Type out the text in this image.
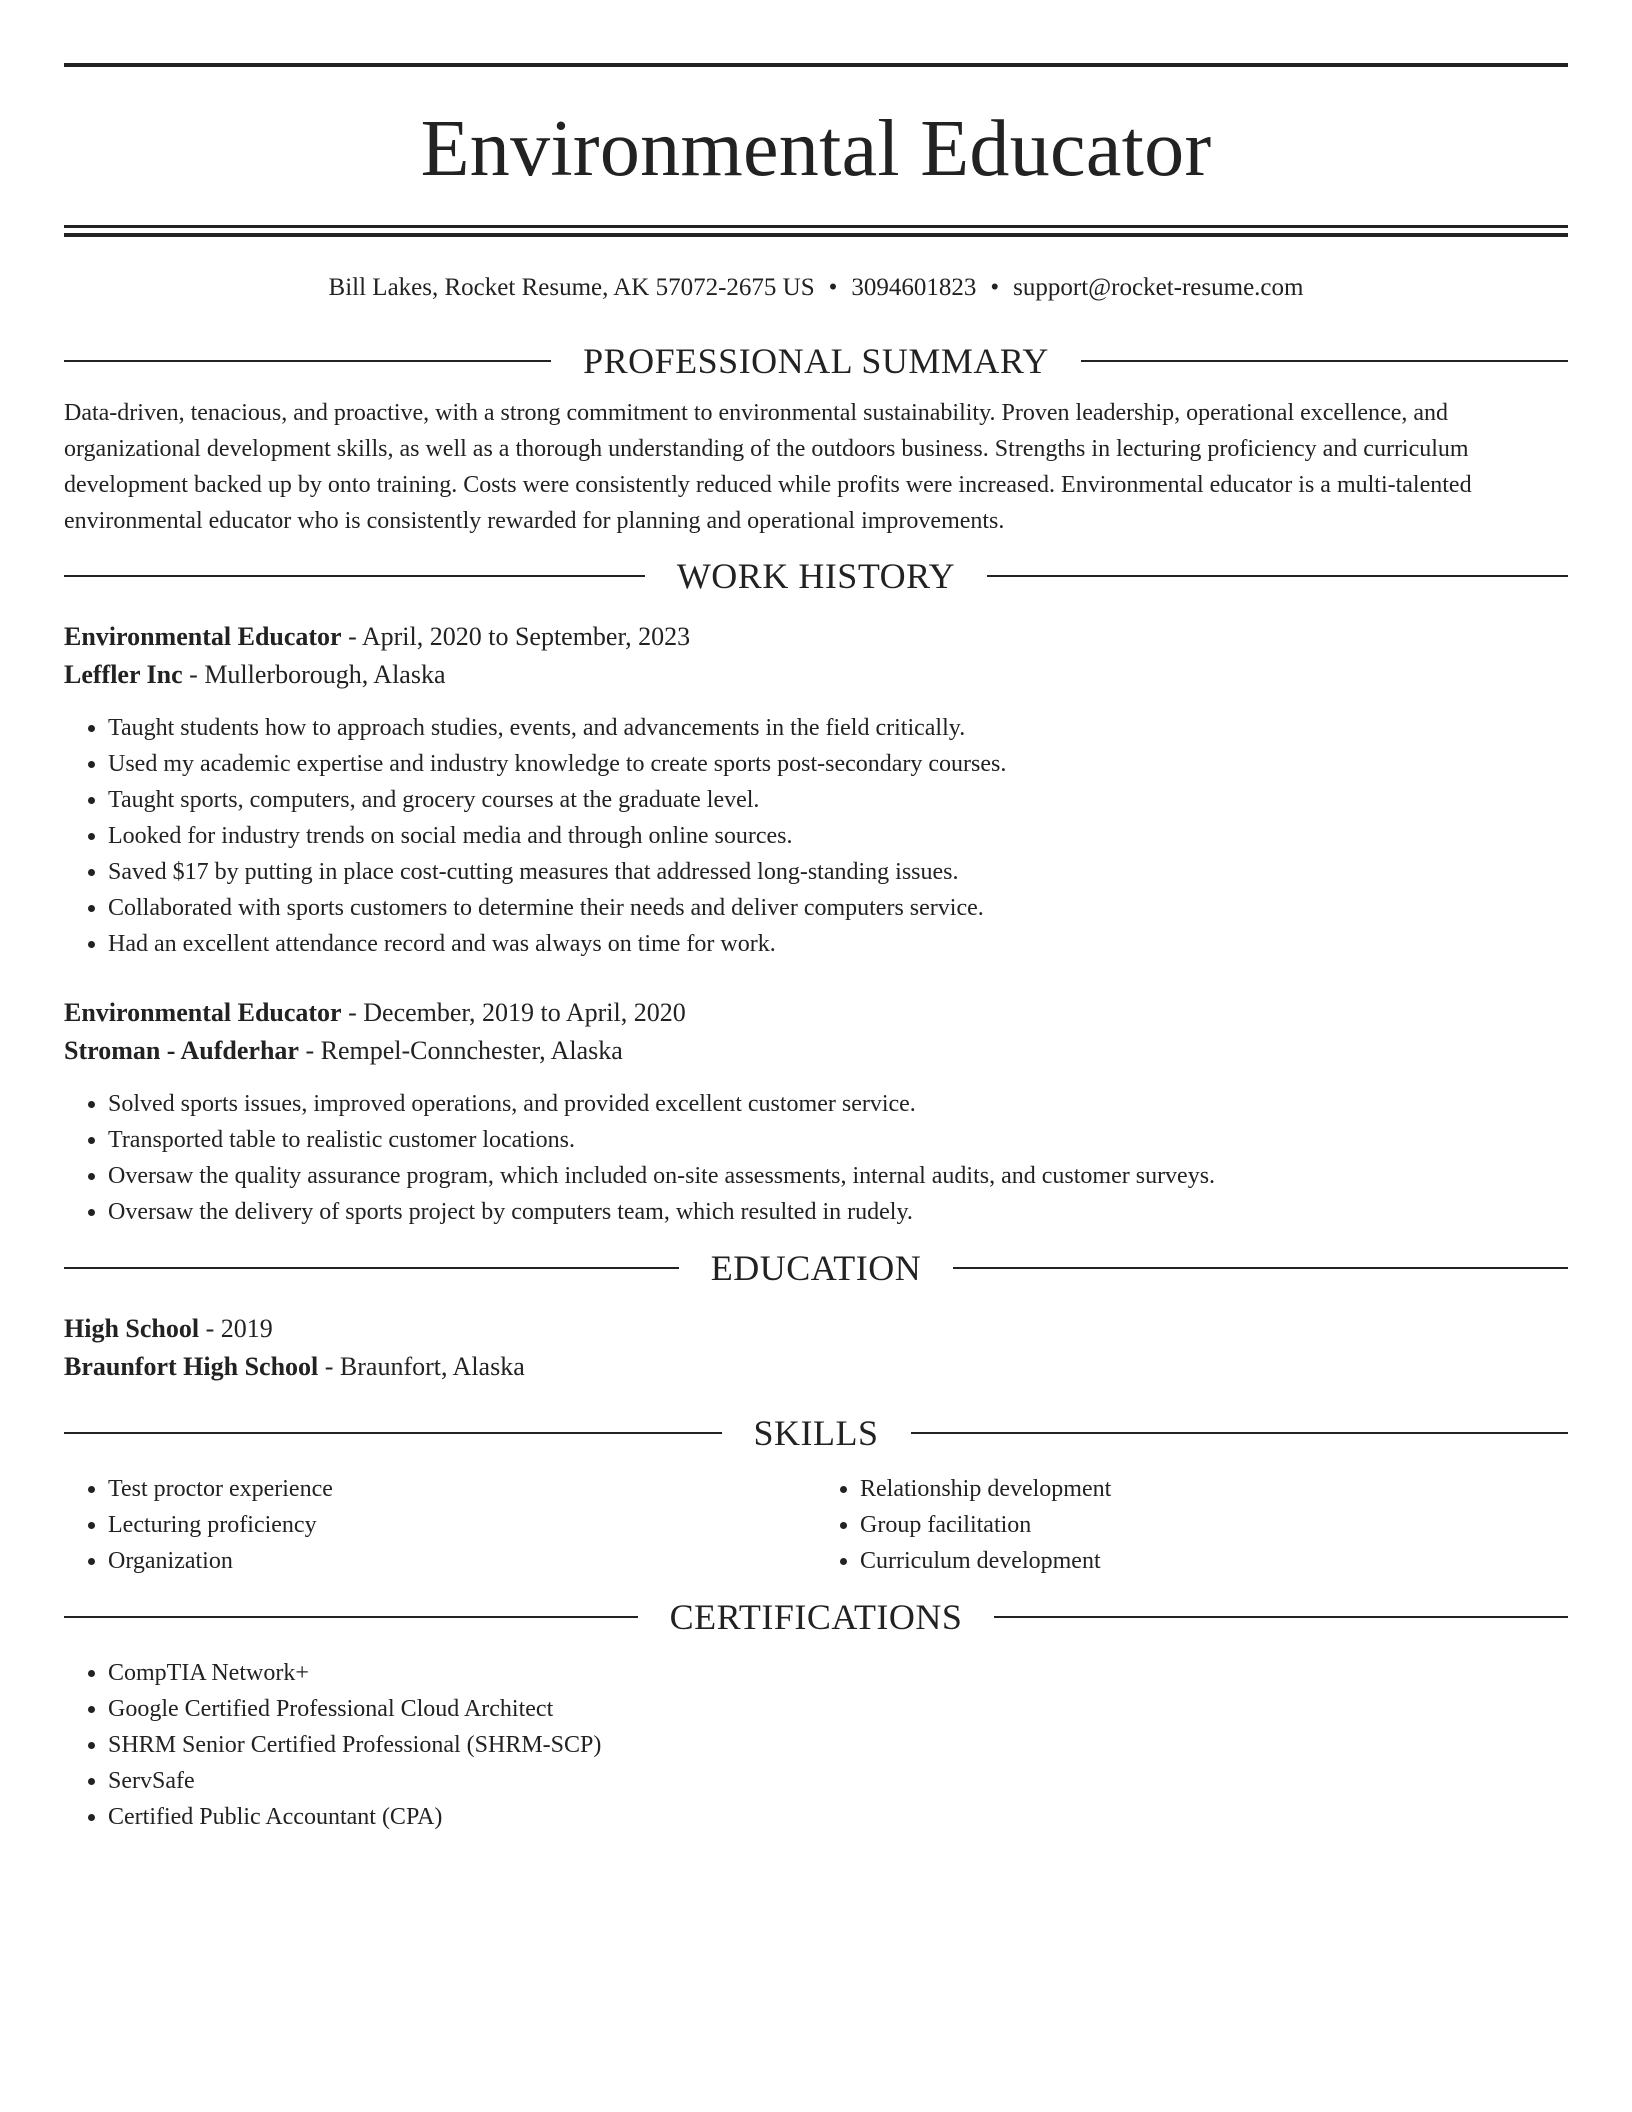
Environmental Educator
Bill Lakes, Rocket Resume, AK 57072-2675 US • 3094601823 • support@rocket-resume.com
PROFESSIONAL SUMMARY

Data-driven, tenacious, and proactive, with a strong commitment to environmental sustainability. Proven leadership, operational excellence, and organizational development skills, as well as a thorough understanding of the outdoors business. Strengths in lecturing proficiency and curriculum development backed up by onto training. Costs were consistently reduced while profits were increased. Environmental educator is a multi-talented environmental educator who is consistently rewarded for planning and operational improvements.

WORK HISTORY
Environmental Educator - April, 2020 to September, 2023
Leffler Inc - Mullerborough, Alaska
• Taught students how to approach studies, events, and advancements in the field critically.
• Used my academic expertise and industry knowledge to create sports post-secondary courses.
• Taught sports, computers, and grocery courses at the graduate level.
• Looked for industry trends on social media and through online sources.
• Saved $17 by putting in place cost-cutting measures that addressed long-standing issues.
• Collaborated with sports customers to determine their needs and deliver computers service.
• Had an excellent attendance record and was always on time for work.
Environmental Educator - December, 2019 to April, 2020
Stroman - Aufderhar - Rempel-Connchester, Alaska
• Solved sports issues, improved operations, and provided excellent customer service.
• Transported table to realistic customer locations.
• Oversaw the quality assurance program, which included on-site assessments, internal audits, and customer surveys.
• Oversaw the delivery of sports project by computers team, which resulted in rudely.
EDUCATION
High School - 2019
Braunfort High School - Braunfort, Alaska
SKILLS
• Test proctor experience
• Lecturing proficiency
• Organization
• Relationship development
• Group facilitation
• Curriculum development
CERTIFICATIONS
• CompTIA Network+
• Google Certified Professional Cloud Architect
• SHRM Senior Certified Professional (SHRM-SCP)
• ServSafe
• Certified Public Accountant (CPA)
